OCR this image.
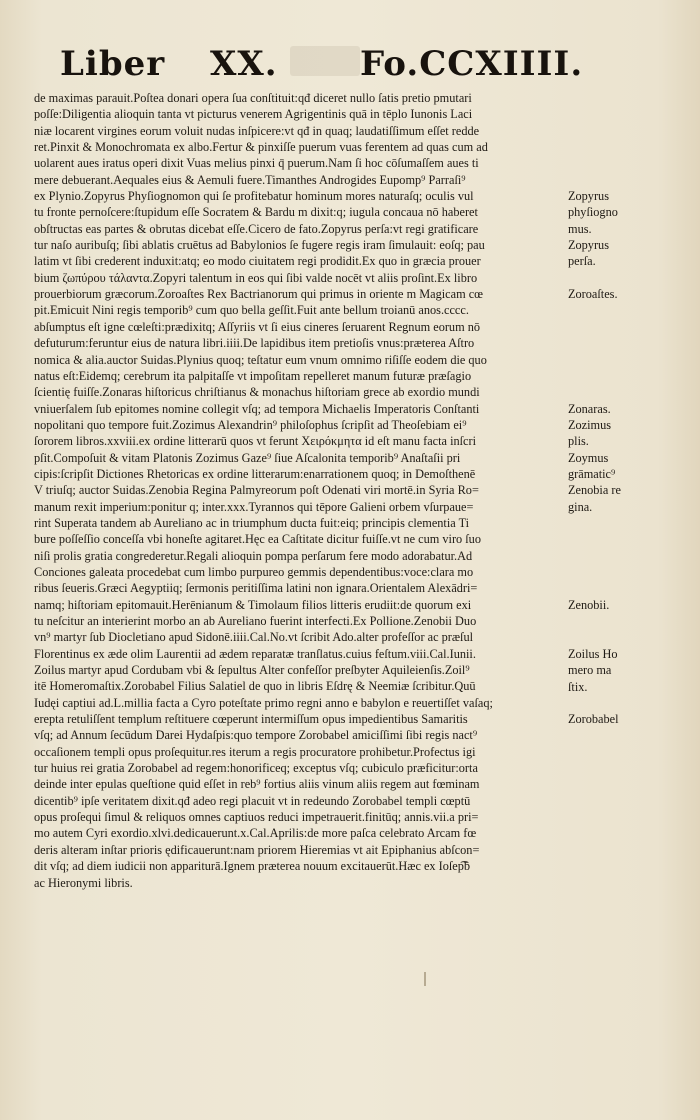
Liber XX. Fo.CCXIIII.
de maximas parauit.Poſtea donari opera ſua conſtituit:qđ diceret nullo ſatis pretio pmutari
poſſe:Diligentia alioquin tanta vt picturus venerem Agrigentinis quā in tēplo Iunonis Laci
niæ locarent virgines eorum voluit nudas inſpicere:vt qđ in quaq; laudatiſſimum eſſet redde
ret.Pinxit & Monochromata ex albo.Fertur & pinxiſſe puerum vuas ferentem ad quas cum ad
uolarent aues iratus operi dixit Vuas melius pinxi q̄ puerum.Nam ſi hoc cōſumaſſem aues ti
mere debuerant.Aequales eius & Aemuli fuere.Timanthes Androgides Eupomp⁹ Parraſi⁹
ex Plynio.Zopyrus Phyſiognomon qui ſe profitebatur hominum mores naturaſq; oculis vul
tu fronte pernoſcere:ſtupidum eſſe Socratem & Bardu m dixit:q; iugula concaua nō haberet
obſtructas eas partes & obrutas dicebat eſſe.Cicero de fato.Zopyrus perſa:vt regi gratificare
tur naſo auribuſq; ſibi ablatis cruētus ad Babylonios ſe fugere regis iram ſimulauit: eoſq; pau
latim vt ſibi crederent induxit:atq; eo modo ciuitatem regi prodidit.Ex quo in græcia prouer
bium ζωπύρου τάλαντα.Zopyri talentum in eos qui ſibi valde nocēt vt aliis proſint.Ex libro
prouerbiorum græcorum.Zoroaſtes Rex Bactrianorum qui primus in oriente m Magicam cœ
pit.Emicuit Nini regis temporib⁹ cum quo bella geſſit.Fuit ante bellum troianū anos.cccc.
abſumptus eſt igne cœleſti:prædixitq; Aſſyriis vt ſi eius cineres ſeruarent Regnum eorum nō
defuturum:feruntur eius de natura libri.iiii.De lapidibus item pretioſis vnus:præterea Aſtro
nomica & alia.auctor Suidas.Plynius quoq; teſtatur eum vnum omnimo riſiſſe eodem die quo
natus eſt:Eidemq; cerebrum ita palpitaſſe vt impoſitam repelleret manum futuræ præſagio
ſcientię fuiſſe.Zonaras hiſtoricus chriſtianus & monachus hiſtoriam grece ab exordio mundi
vniuerſalem ſub epitomes nomine collegit vſq; ad tempora Michaelis Imperatoris Conſtanti
nopolitani quo tempore fuit.Zozimus Alexandrin⁹ philoſophus ſcripſit ad Theoſebiam ei⁹
ſororem libros.xxviii.ex ordine litterarū quos vt ferunt Χειρόκμητα id eſt manu facta inſcri
pſit.Compoſuit & vitam Platonis Zozimus Gaze⁹ ſiue Aſcalonita temporib⁹ Anaſtaſii pri
cipis:ſcripſit Dictiones Rhetoricas ex ordine litterarum:enarrationem quoq; in Demoſthenē
V triuſq; auctor Suidas.Zenobia Regina Palmyreorum poſt Odenati viri mortē.in Syria Ro=
manum rexit imperium:ponitur q; inter.xxx.Tyrannos qui tēpore Galieni orbem vſurpaue=
rint Superata tandem ab Aureliano ac in triumphum ducta fuit:eiq; principis clementia Ti
bure poſſeſſio conceſſa vbi honeſte agitaret.Hęc ea Caſtitate dicitur fuiſſe.vt ne cum viro ſuo
niſi prolis gratia congrederetur.Regali alioquin pompa perſarum fere modo adorabatur.Ad
Conciones galeata procedebat cum limbo purpureo gemmis dependentibus:voce:clara mo
ribus ſeueris.Græci Aegyptiiq; ſermonis peritiſſima latini non ignara.Orientalem Alexādri=
namq; hiſtoriam epitomauit.Herēnianum & Timolaum filios litteris erudiit:de quorum exi
tu neſcitur an interierint morbo an ab Aureliano fuerint interfecti.Ex Pollione.Zenobii Duo
vn⁹ martyr ſub Diocletiano apud Sidonē.iiii.Cal.No.vt ſcribit Ado.alter profeſſor ac præſul
Florentinus ex æde olim Laurentii ad ædem reparatæ tranſlatus.cuius feſtum.viii.Cal.Iunii.
Zoilus martyr apud Cordubam vbi & ſepultus Alter confeſſor preſbyter Aquileienſis.Zoil⁹
itē Homeromaſtix.Zorobabel Filius Salatiel de quo in libris Eſdrę & Neemiæ ſcribitur.Quū
Iudęi captiui ad.L.millia facta a Cyro poteſtate primo regni anno e babylon e reuertiſſet vaſaq;
erepta retuliſſent templum reſtituere cœperunt intermiſſum opus impedientibus Samaritis
vſq; ad Annum ſecūdum Darei Hydaſpis:quo tempore Zorobabel amiciſſimi ſibi regis nact⁹
occaſionem templi opus proſequitur.res iterum a regis procuratore prohibetur.Profectus igi
tur huius rei gratia Zorobabel ad regem:honorificeq; exceptus vſq; cubiculo præficitur:orta
deinde inter epulas queſtione quid eſſet in reb⁹ fortius aliis vinum aliis regem aut fœminam
dicentib⁹ ipſe veritatem dixit.qđ adeo regi placuit vt in redeundo Zorobabel templi cœptū
opus proſequi ſimul & reliquos omnes captiuos reduci impetrauerit.finitūq; annis.vii.a pri=
mo autem Cyri exordio.xlvi.dedicauerunt.x.Cal.Aprilis:de more paſca celebrato Arcam fœ
deris alteram inſtar prioris ędificauerunt:nam priorem Hieremias vt ait Epiphanius abſcon=
dit vſq; ad diem iudicii non appariturā.Ignem præterea nouum excitauerūt.Hæc ex Ioſep͡ƀ
ac Hieronymi libris.
Zopyrus
phyſiogno
mus.
Zopyrus
perſa.
Zoroaſtes.
Zonaras.
Zozimus
plis.
Zoymus
grāmatic⁹
Zenobia re
gina.
Zenobii.
Zoilus Ho
mero ma
ſtix.
Zorobabel
